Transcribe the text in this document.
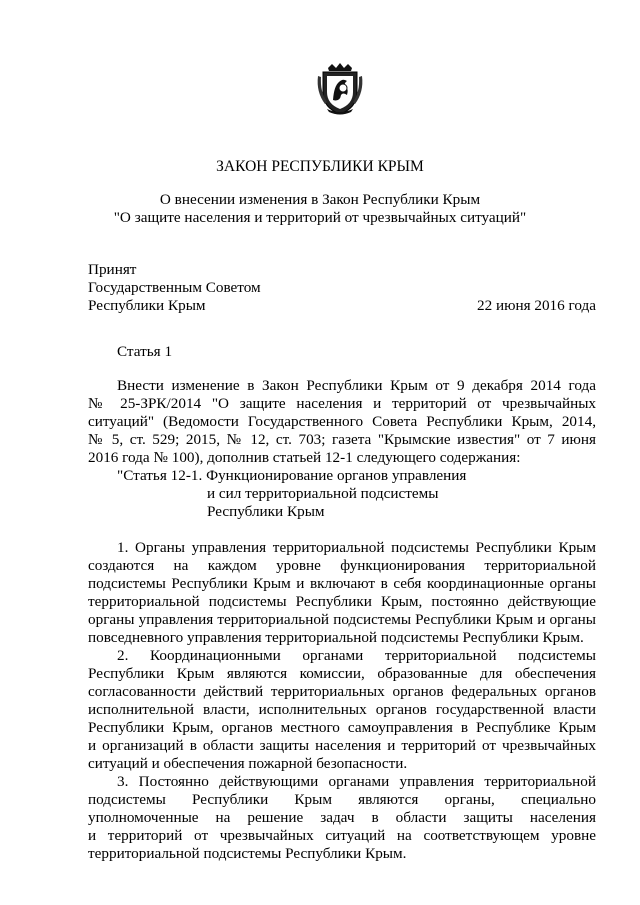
ЗАКОН РЕСПУБЛИКИ КРЫМ
О внесении изменения в Закон Республики Крым
"О защите населения и территорий от чрезвычайных ситуаций"
Принят
Государственным Советом
Республики Крым	22 июня 2016 года
Статья 1
Внести изменение в Закон Республики Крым от 9 декабря 2014 года
№ 25-ЗРК/2014 "О защите населения и территорий от чрезвычайных
ситуаций" (Ведомости Государственного Совета Республики Крым, 2014,
№ 5, ст. 529; 2015, № 12, ст. 703; газета "Крымские известия" от 7 июня
2016 года № 100), дополнив статьей 12-1 следующего содержания:
"Статья 12-1. Функционирование органов управления
и сил территориальной подсистемы
Республики Крым
1. Органы управления территориальной подсистемы Республики Крым
создаются на каждом уровне функционирования территориальной
подсистемы Республики Крым и включают в себя координационные органы
территориальной подсистемы Республики Крым, постоянно действующие
органы управления территориальной подсистемы Республики Крым и органы
повседневного управления территориальной подсистемы Республики Крым.
2. Координационными органами территориальной подсистемы
Республики Крым являются комиссии, образованные для обеспечения
согласованности действий территориальных органов федеральных органов
исполнительной власти, исполнительных органов государственной власти
Республики Крым, органов местного самоуправления в Республике Крым
и организаций в области защиты населения и территорий от чрезвычайных
ситуаций и обеспечения пожарной безопасности.
3. Постоянно действующими органами управления территориальной
подсистемы Республики Крым являются органы, специально
уполномоченные на решение задач в области защиты населения
и территорий от чрезвычайных ситуаций на соответствующем уровне
территориальной подсистемы Республики Крым.
